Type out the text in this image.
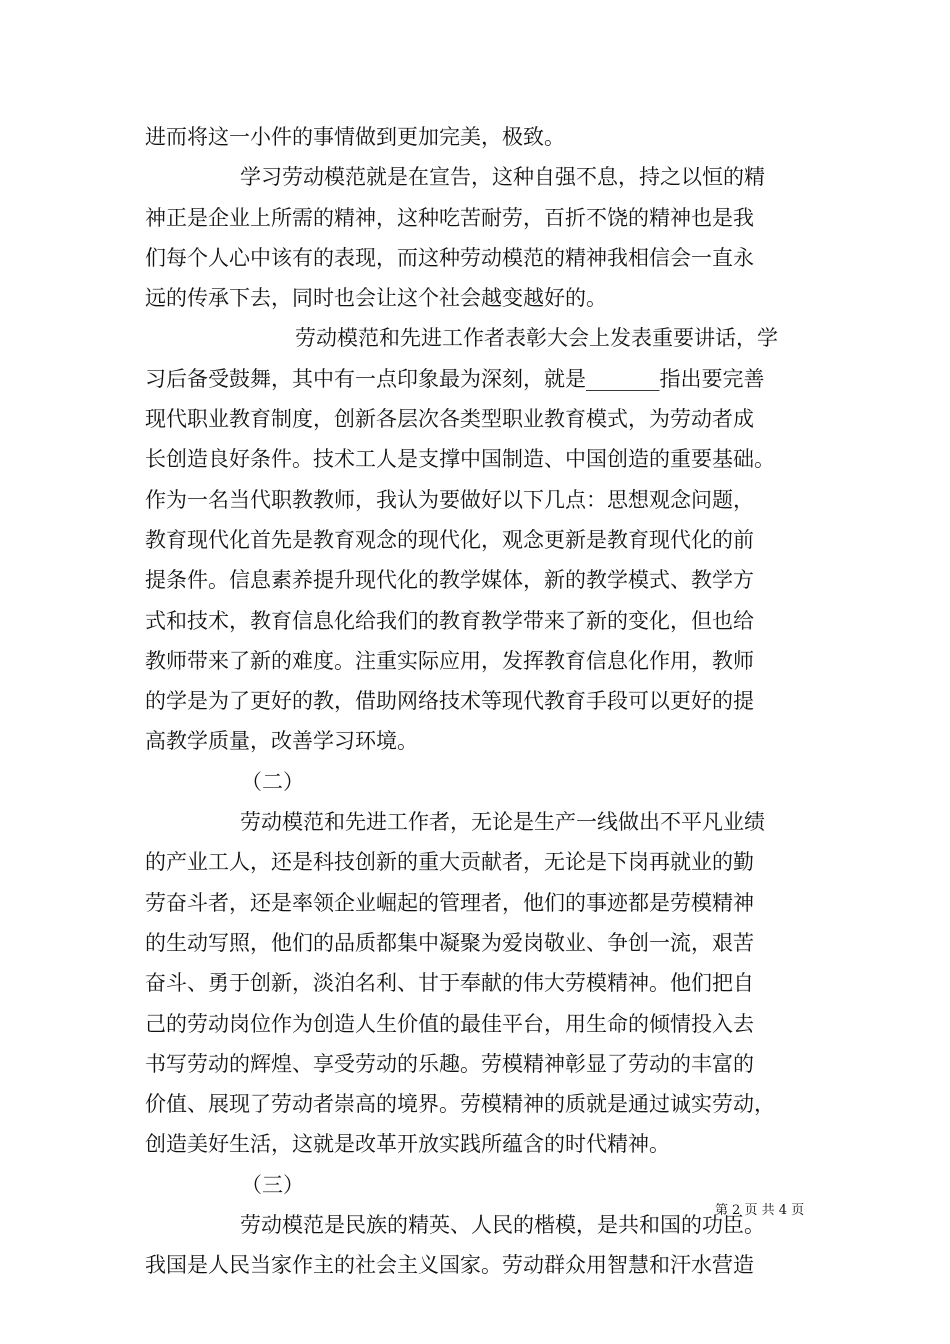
进而将这一小件的事情做到更加完美，极致。
学习劳动模范就是在宣告，这种自强不息，持之以恒的精
神正是企业上所需的精神，这种吃苦耐劳，百折不饶的精神也是我
们每个人心中该有的表现，而这种劳动模范的精神我相信会一直永
远的传承下去，同时也会让这个社会越变越好的。
劳动模范和先进工作者表彰大会上发表重要讲话，学
习后备受鼓舞，其中有一点印象最为深刻，就是_______指出要完善
现代职业教育制度，创新各层次各类型职业教育模式，为劳动者成
长创造良好条件。技术工人是支撑中国制造、中国创造的重要基础。
作为一名当代职教教师，我认为要做好以下几点：思想观念问题，
教育现代化首先是教育观念的现代化，观念更新是教育现代化的前
提条件。信息素养提升现代化的教学媒体，新的教学模式、教学方
式和技术，教育信息化给我们的教育教学带来了新的变化，但也给
教师带来了新的难度。注重实际应用，发挥教育信息化作用，教师
的学是为了更好的教，借助网络技术等现代教育手段可以更好的提
高教学质量，改善学习环境。
（二）
劳动模范和先进工作者，无论是生产一线做出不平凡业绩
的产业工人，还是科技创新的重大贡献者，无论是下岗再就业的勤
劳奋斗者，还是率领企业崛起的管理者，他们的事迹都是劳模精神
的生动写照，他们的品质都集中凝聚为爱岗敬业、争创一流，艰苦
奋斗、勇于创新，淡泊名利、甘于奉献的伟大劳模精神。他们把自
己的劳动岗位作为创造人生价值的最佳平台，用生命的倾情投入去
书写劳动的辉煌、享受劳动的乐趣。劳模精神彰显了劳动的丰富的
价值、展现了劳动者崇高的境界。劳模精神的质就是通过诚实劳动，
创造美好生活，这就是改革开放实践所蕴含的时代精神。
（三）
劳动模范是民族的精英、人民的楷模，是共和国的功臣。
我国是人民当家作主的社会主义国家。劳动群众用智慧和汗水营造
第 2 页 共 4 页
